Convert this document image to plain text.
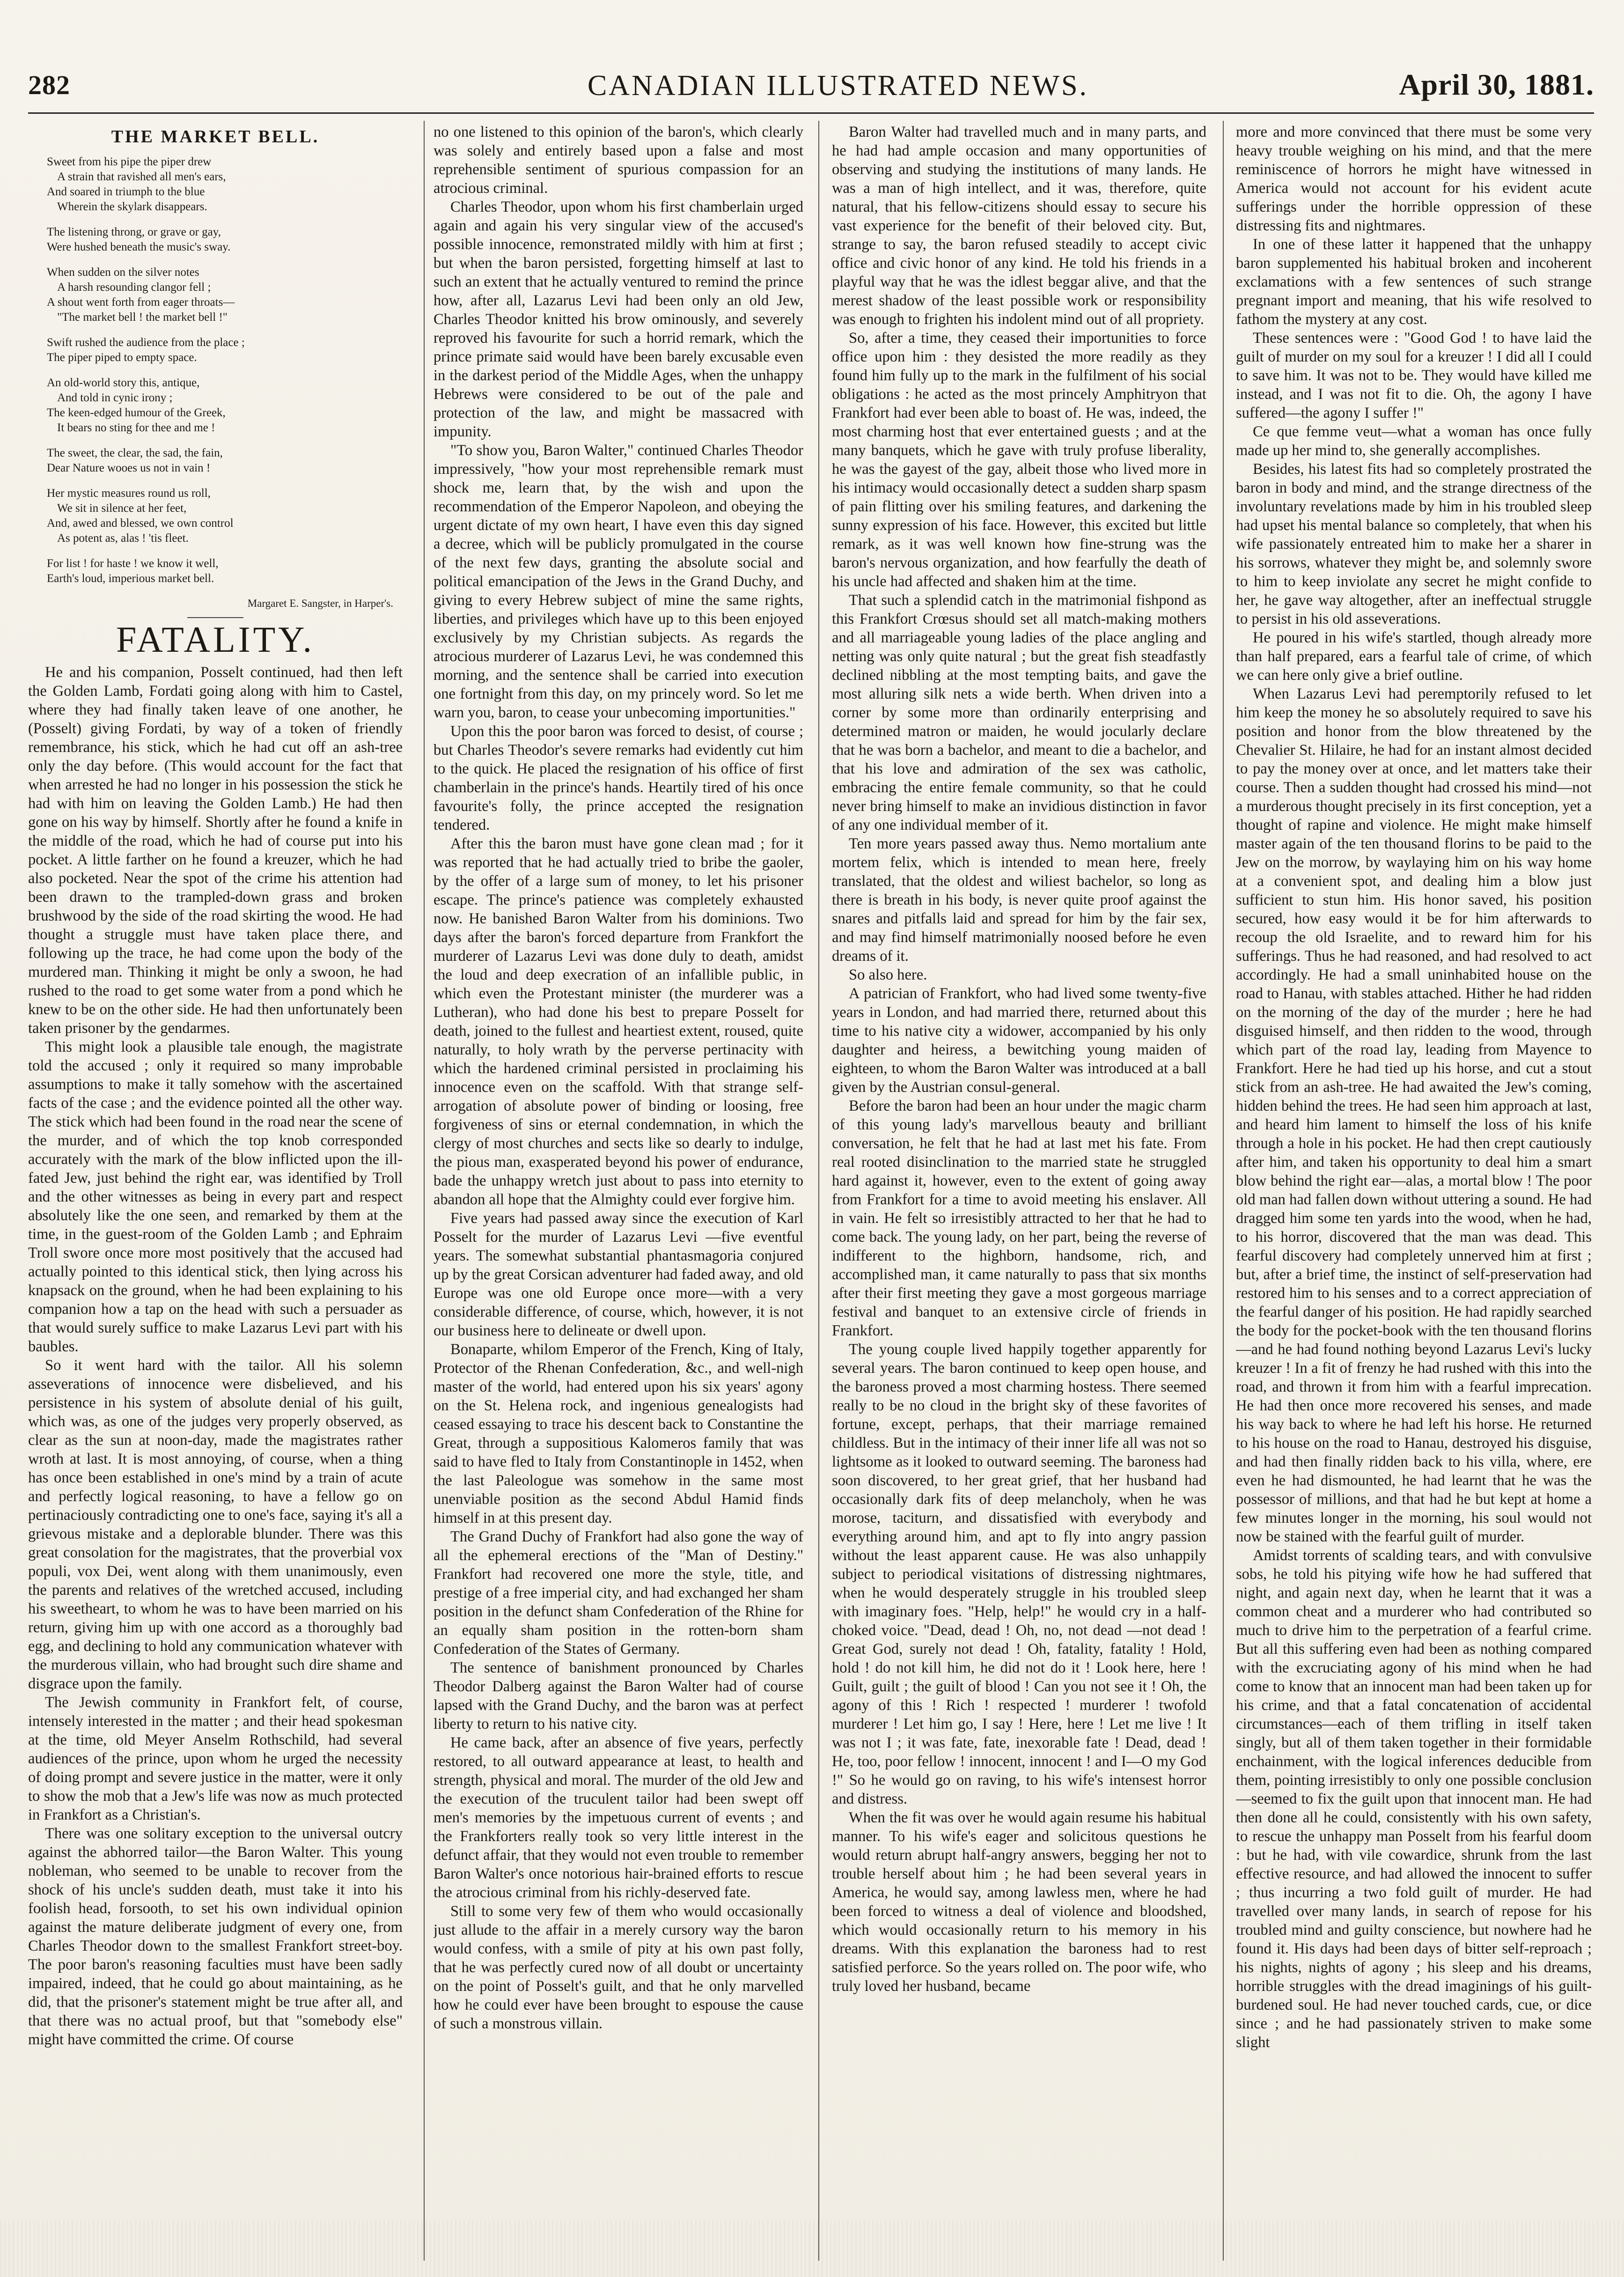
282	CANADIAN ILLUSTRATED NEWS.	April 30, 1881.
THE MARKET BELL.
Sweet from his pipe the piper drew
A strain that ravished all men's ears,
And soared in triumph to the blue
Wherein the skylark disappears.
The listening throng, or grave or gay,
Were hushed beneath the music's sway.
When sudden on the silver notes
A harsh resounding clangor fell ;
A shout went forth from eager throats—
"The market bell ! the market bell !"
Swift rushed the audience from the place ;
The piper piped to empty space.
An old-world story this, antique,
And told in cynic irony ;
The keen-edged humour of the Greek,
It bears no sting for thee and me !
The sweet, the clear, the sad, the fain,
Dear Nature wooes us not in vain !
Her mystic measures round us roll,
We sit in silence at her feet,
And, awed and blessed, we own control
As potent as, alas ! 'tis fleet.
For list ! for haste ! we know it well,
Earth's loud, imperious market bell.
Margaret E. Sangster, in Harper's.
FATALITY.

He and his companion, Posselt continued, had then left the Golden Lamb, Fordati going along with him to Castel, where they had finally taken leave of one another, he (Posselt) giving Fordati, by way of a token of friendly remembrance, his stick, which he had cut off an ash-tree only the day before. (This would account for the fact that when arrested he had no longer in his possession the stick he had with him on leaving the Golden Lamb.) He had then gone on his way by himself. Shortly after he found a knife in the middle of the road, which he had of course put into his pocket. A little farther on he found a kreuzer, which he had also pocketed. Near the spot of the crime his attention had been drawn to the trampled-down grass and broken brushwood by the side of the road skirting the wood. He had thought a struggle must have taken place there, and following up the trace, he had come upon the body of the murdered man. Thinking it might be only a swoon, he had rushed to the road to get some water from a pond which he knew to be on the other side. He had then unfortunately been taken prisoner by the gendarmes.

This might look a plausible tale enough, the magistrate told the accused ; only it required so many improbable assumptions to make it tally somehow with the ascertained facts of the case ; and the evidence pointed all the other way. The stick which had been found in the road near the scene of the murder, and of which the top knob corresponded accurately with the mark of the blow inflicted upon the ill-fated Jew, just behind the right ear, was identified by Troll and the other witnesses as being in every part and respect absolutely like the one seen, and remarked by them at the time, in the guest-room of the Golden Lamb ; and Ephraim Troll swore once more most positively that the accused had actually pointed to this identical stick, then lying across his knapsack on the ground, when he had been explaining to his companion how a tap on the head with such a persuader as that would surely suffice to make Lazarus Levi part with his baubles.

So it went hard with the tailor. All his solemn asseverations of innocence were disbelieved, and his persistence in his system of absolute denial of his guilt, which was, as one of the judges very properly observed, as clear as the sun at noon-day, made the magistrates rather wroth at last. It is most annoying, of course, when a thing has once been established in one's mind by a train of acute and perfectly logical reasoning, to have a fellow go on pertinaciously contradicting one to one's face, saying it's all a grievous mistake and a deplorable blunder. There was this great consolation for the magistrates, that the proverbial vox populi, vox Dei, went along with them unanimously, even the parents and relatives of the wretched accused, including his sweetheart, to whom he was to have been married on his return, giving him up with one accord as a thoroughly bad egg, and declining to hold any communication whatever with the murderous villain, who had brought such dire shame and disgrace upon the family.

The Jewish community in Frankfort felt, of course, intensely interested in the matter ; and their head spokesman at the time, old Meyer Anselm Rothschild, had several audiences of the prince, upon whom he urged the necessity of doing prompt and severe justice in the matter, were it only to show the mob that a Jew's life was now as much protected in Frankfort as a Christian's.

There was one solitary exception to the universal outcry against the abhorred tailor—the Baron Walter. This young nobleman, who seemed to be unable to recover from the shock of his uncle's sudden death, must take it into his foolish head, forsooth, to set his own individual opinion against the mature deliberate judgment of every one, from Charles Theodor down to the smallest Frankfort street-boy. The poor baron's reasoning faculties must have been sadly impaired, indeed, that he could go about maintaining, as he did, that the prisoner's statement might be true after all, and that there was no actual proof, but that "somebody else" might have committed the crime. Of course

no one listened to this opinion of the baron's, which clearly was solely and entirely based upon a false and most reprehensible sentiment of spurious compassion for an atrocious criminal.

Charles Theodor, upon whom his first chamberlain urged again and again his very singular view of the accused's possible innocence, remonstrated mildly with him at first ; but when the baron persisted, forgetting himself at last to such an extent that he actually ventured to remind the prince how, after all, Lazarus Levi had been only an old Jew, Charles Theodor knitted his brow ominously, and severely reproved his favourite for such a horrid remark, which the prince primate said would have been barely excusable even in the darkest period of the Middle Ages, when the unhappy Hebrews were considered to be out of the pale and protection of the law, and might be massacred with impunity.

"To show you, Baron Walter," continued Charles Theodor impressively, "how your most reprehensible remark must shock me, learn that, by the wish and upon the recommendation of the Emperor Napoleon, and obeying the urgent dictate of my own heart, I have even this day signed a decree, which will be publicly promulgated in the course of the next few days, granting the absolute social and political emancipation of the Jews in the Grand Duchy, and giving to every Hebrew subject of mine the same rights, liberties, and privileges which have up to this been enjoyed exclusively by my Christian subjects. As regards the atrocious murderer of Lazarus Levi, he was condemned this morning, and the sentence shall be carried into execution one fortnight from this day, on my princely word. So let me warn you, baron, to cease your unbecoming importunities."

Upon this the poor baron was forced to desist, of course ; but Charles Theodor's severe remarks had evidently cut him to the quick. He placed the resignation of his office of first chamberlain in the prince's hands. Heartily tired of his once favourite's folly, the prince accepted the resignation tendered.

After this the baron must have gone clean mad ; for it was reported that he had actually tried to bribe the gaoler, by the offer of a large sum of money, to let his prisoner escape. The prince's patience was completely exhausted now. He banished Baron Walter from his dominions. Two days after the baron's forced departure from Frankfort the murderer of Lazarus Levi was done duly to death, amidst the loud and deep execration of an infallible public, in which even the Protestant minister (the murderer was a Lutheran), who had done his best to prepare Posselt for death, joined to the fullest and heartiest extent, roused, quite naturally, to holy wrath by the perverse pertinacity with which the hardened criminal persisted in proclaiming his innocence even on the scaffold. With that strange self-arrogation of absolute power of binding or loosing, free forgiveness of sins or eternal condemnation, in which the clergy of most churches and sects like so dearly to indulge, the pious man, exasperated beyond his power of endurance, bade the unhappy wretch just about to pass into eternity to abandon all hope that the Almighty could ever forgive him.

Five years had passed away since the execution of Karl Posselt for the murder of Lazarus Levi —five eventful years. The somewhat substantial phantasmagoria conjured up by the great Corsican adventurer had faded away, and old Europe was one old Europe once more—with a very considerable difference, of course, which, however, it is not our business here to delineate or dwell upon.

Bonaparte, whilom Emperor of the French, King of Italy, Protector of the Rhenan Confederation, &c., and well-nigh master of the world, had entered upon his six years' agony on the St. Helena rock, and ingenious genealogists had ceased essaying to trace his descent back to Constantine the Great, through a suppositious Kalomeros family that was said to have fled to Italy from Constantinople in 1452, when the last Paleologue was somehow in the same most unenviable position as the second Abdul Hamid finds himself in at this present day.

The Grand Duchy of Frankfort had also gone the way of all the ephemeral erections of the "Man of Destiny." Frankfort had recovered one more the style, title, and prestige of a free imperial city, and had exchanged her sham position in the defunct sham Confederation of the Rhine for an equally sham position in the rotten-born sham Confederation of the States of Germany.

The sentence of banishment pronounced by Charles Theodor Dalberg against the Baron Walter had of course lapsed with the Grand Duchy, and the baron was at perfect liberty to return to his native city.

He came back, after an absence of five years, perfectly restored, to all outward appearance at least, to health and strength, physical and moral. The murder of the old Jew and the execution of the truculent tailor had been swept off men's memories by the impetuous current of events ; and the Frankforters really took so very little interest in the defunct affair, that they would not even trouble to remember Baron Walter's once notorious hair-brained efforts to rescue the atrocious criminal from his richly-deserved fate.

Still to some very few of them who would occasionally just allude to the affair in a merely cursory way the baron would confess, with a smile of pity at his own past folly, that he was perfectly cured now of all doubt or uncertainty on the point of Posselt's guilt, and that he only marvelled how he could ever have been brought to espouse the cause of such a monstrous villain.

Baron Walter had travelled much and in many parts, and he had had ample occasion and many opportunities of observing and studying the institutions of many lands. He was a man of high intellect, and it was, therefore, quite natural, that his fellow-citizens should essay to secure his vast experience for the benefit of their beloved city. But, strange to say, the baron refused steadily to accept civic office and civic honor of any kind. He told his friends in a playful way that he was the idlest beggar alive, and that the merest shadow of the least possible work or responsibility was enough to frighten his indolent mind out of all propriety.

So, after a time, they ceased their importunities to force office upon him : they desisted the more readily as they found him fully up to the mark in the fulfilment of his social obligations : he acted as the most princely Amphitryon that Frankfort had ever been able to boast of. He was, indeed, the most charming host that ever entertained guests ; and at the many banquets, which he gave with truly profuse liberality, he was the gayest of the gay, albeit those who lived more in his intimacy would occasionally detect a sudden sharp spasm of pain flitting over his smiling features, and darkening the sunny expression of his face. However, this excited but little remark, as it was well known how fine-strung was the baron's nervous organization, and how fearfully the death of his uncle had affected and shaken him at the time.

That such a splendid catch in the matrimonial fishpond as this Frankfort Crœsus should set all match-making mothers and all marriageable young ladies of the place angling and netting was only quite natural ; but the great fish steadfastly declined nibbling at the most tempting baits, and gave the most alluring silk nets a wide berth. When driven into a corner by some more than ordinarily enterprising and determined matron or maiden, he would jocularly declare that he was born a bachelor, and meant to die a bachelor, and that his love and admiration of the sex was catholic, embracing the entire female community, so that he could never bring himself to make an invidious distinction in favor of any one individual member of it.

Ten more years passed away thus. Nemo mortalium ante mortem felix, which is intended to mean here, freely translated, that the oldest and wiliest bachelor, so long as there is breath in his body, is never quite proof against the snares and pitfalls laid and spread for him by the fair sex, and may find himself matrimonially noosed before he even dreams of it.

So also here.

A patrician of Frankfort, who had lived some twenty-five years in London, and had married there, returned about this time to his native city a widower, accompanied by his only daughter and heiress, a bewitching young maiden of eighteen, to whom the Baron Walter was introduced at a ball given by the Austrian consul-general.

Before the baron had been an hour under the magic charm of this young lady's marvellous beauty and brilliant conversation, he felt that he had at last met his fate. From real rooted disinclination to the married state he struggled hard against it, however, even to the extent of going away from Frankfort for a time to avoid meeting his enslaver. All in vain. He felt so irresistibly attracted to her that he had to come back. The young lady, on her part, being the reverse of indifferent to the highborn, handsome, rich, and accomplished man, it came naturally to pass that six months after their first meeting they gave a most gorgeous marriage festival and banquet to an extensive circle of friends in Frankfort.

The young couple lived happily together apparently for several years. The baron continued to keep open house, and the baroness proved a most charming hostess. There seemed really to be no cloud in the bright sky of these favorites of fortune, except, perhaps, that their marriage remained childless. But in the intimacy of their inner life all was not so lightsome as it looked to outward seeming. The baroness had soon discovered, to her great grief, that her husband had occasionally dark fits of deep melancholy, when he was morose, taciturn, and dissatisfied with everybody and everything around him, and apt to fly into angry passion without the least apparent cause. He was also unhappily subject to periodical visitations of distressing nightmares, when he would desperately struggle in his troubled sleep with imaginary foes. "Help, help!" he would cry in a half-choked voice. "Dead, dead ! Oh, no, not dead —not dead ! Great God, surely not dead ! Oh, fatality, fatality ! Hold, hold ! do not kill him, he did not do it ! Look here, here ! Guilt, guilt ; the guilt of blood ! Can you not see it ! Oh, the agony of this ! Rich ! respected ! murderer ! twofold murderer ! Let him go, I say ! Here, here ! Let me live ! It was not I ; it was fate, fate, inexorable fate ! Dead, dead ! He, too, poor fellow ! innocent, innocent ! and I—O my God !" So he would go on raving, to his wife's intensest horror and distress.

When the fit was over he would again resume his habitual manner. To his wife's eager and solicitous questions he would return abrupt half-angry answers, begging her not to trouble herself about him ; he had been several years in America, he would say, among lawless men, where he had been forced to witness a deal of violence and bloodshed, which would occasionally return to his memory in his dreams. With this explanation the baroness had to rest satisfied perforce. So the years rolled on. The poor wife, who truly loved her husband, became

more and more convinced that there must be some very heavy trouble weighing on his mind, and that the mere reminiscence of horrors he might have witnessed in America would not account for his evident acute sufferings under the horrible oppression of these distressing fits and nightmares.

In one of these latter it happened that the unhappy baron supplemented his habitual broken and incoherent exclamations with a few sentences of such strange pregnant import and meaning, that his wife resolved to fathom the mystery at any cost.

These sentences were : "Good God ! to have laid the guilt of murder on my soul for a kreuzer ! I did all I could to save him. It was not to be. They would have killed me instead, and I was not fit to die. Oh, the agony I have suffered—the agony I suffer !"

Ce que femme veut—what a woman has once fully made up her mind to, she generally accomplishes.

Besides, his latest fits had so completely prostrated the baron in body and mind, and the strange directness of the involuntary revelations made by him in his troubled sleep had upset his mental balance so completely, that when his wife passionately entreated him to make her a sharer in his sorrows, whatever they might be, and solemnly swore to him to keep inviolate any secret he might confide to her, he gave way altogether, after an ineffectual struggle to persist in his old asseverations.

He poured in his wife's startled, though already more than half prepared, ears a fearful tale of crime, of which we can here only give a brief outline.

When Lazarus Levi had peremptorily refused to let him keep the money he so absolutely required to save his position and honor from the blow threatened by the Chevalier St. Hilaire, he had for an instant almost decided to pay the money over at once, and let matters take their course. Then a sudden thought had crossed his mind—not a murderous thought precisely in its first conception, yet a thought of rapine and violence. He might make himself master again of the ten thousand florins to be paid to the Jew on the morrow, by waylaying him on his way home at a convenient spot, and dealing him a blow just sufficient to stun him. His honor saved, his position secured, how easy would it be for him afterwards to recoup the old Israelite, and to reward him for his sufferings. Thus he had reasoned, and had resolved to act accordingly. He had a small uninhabited house on the road to Hanau, with stables attached. Hither he had ridden on the morning of the day of the murder ; here he had disguised himself, and then ridden to the wood, through which part of the road lay, leading from Mayence to Frankfort. Here he had tied up his horse, and cut a stout stick from an ash-tree. He had awaited the Jew's coming, hidden behind the trees. He had seen him approach at last, and heard him lament to himself the loss of his knife through a hole in his pocket. He had then crept cautiously after him, and taken his opportunity to deal him a smart blow behind the right ear—alas, a mortal blow ! The poor old man had fallen down without uttering a sound. He had dragged him some ten yards into the wood, when he had, to his horror, discovered that the man was dead. This fearful discovery had completely unnerved him at first ; but, after a brief time, the instinct of self-preservation had restored him to his senses and to a correct appreciation of the fearful danger of his position. He had rapidly searched the body for the pocket-book with the ten thousand florins—and he had found nothing beyond Lazarus Levi's lucky kreuzer ! In a fit of frenzy he had rushed with this into the road, and thrown it from him with a fearful imprecation. He had then once more recovered his senses, and made his way back to where he had left his horse. He returned to his house on the road to Hanau, destroyed his disguise, and had then finally ridden back to his villa, where, ere even he had dismounted, he had learnt that he was the possessor of millions, and that had he but kept at home a few minutes longer in the morning, his soul would not now be stained with the fearful guilt of murder.

Amidst torrents of scalding tears, and with convulsive sobs, he told his pitying wife how he had suffered that night, and again next day, when he learnt that it was a common cheat and a murderer who had contributed so much to drive him to the perpetration of a fearful crime. But all this suffering even had been as nothing compared with the excruciating agony of his mind when he had come to know that an innocent man had been taken up for his crime, and that a fatal concatenation of accidental circumstances—each of them trifling in itself taken singly, but all of them taken together in their formidable enchainment, with the logical inferences deducible from them, pointing irresistibly to only one possible conclusion—seemed to fix the guilt upon that innocent man. He had then done all he could, consistently with his own safety, to rescue the unhappy man Posselt from his fearful doom : but he had, with vile cowardice, shrunk from the last effective resource, and had allowed the innocent to suffer ; thus incurring a two fold guilt of murder. He had travelled over many lands, in search of repose for his troubled mind and guilty conscience, but nowhere had he found it. His days had been days of bitter self-reproach ; his nights, nights of agony ; his sleep and his dreams, horrible struggles with the dread imaginings of his guilt-burdened soul. He had never touched cards, cue, or dice since ; and he had passionately striven to make some slight
